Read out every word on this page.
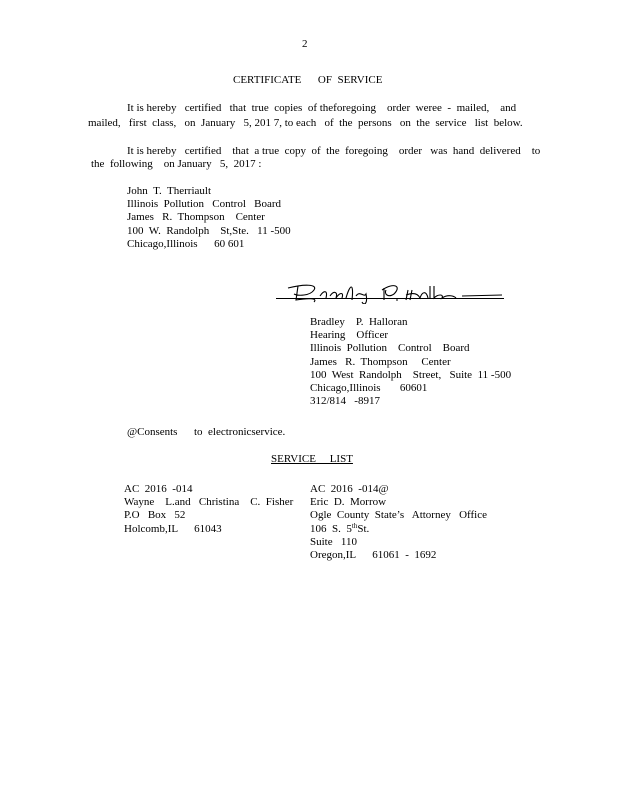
2
CERTIFICATE      OF  SERVICE
It is hereby   certified   that  true  copies  of theforegoing    order  weree  -  mailed,    and
mailed,   first  class,   on  January   5, 201 7, to each   of  the  persons   on  the  service   list  below.
It is hereby   certified    that  a true  copy  of  the  foregoing    order   was  hand  delivered    to
the  following    on January   5,  2017 :
John  T.  Therriault
Illinois  Pollution   Control   Board
James   R.  Thompson    Center
100  W.  Randolph    St,Ste.   11 -500
Chicago,Illinois      60 601
Bradley P. Halloran
Bradley    P.  Halloran
Hearing    Officer
Illinois  Pollution    Control    Board
James   R.  Thompson     Center
100  West  Randolph    Street,   Suite  11 -500
Chicago,Illinois       60601
312/814   -8917
@Consents      to  electronicservice.
SERVICE     LIST
AC  2016  -014
Wayne    L.and   Christina    C.  Fisher
P.O   Box   52
Holcomb,IL      61043
AC  2016  -014@
Eric  D.  Morrow
Ogle  County  State’s   Attorney   Office
106  S.  5thSt.
Suite   110
Oregon,IL      61061  -  1692
